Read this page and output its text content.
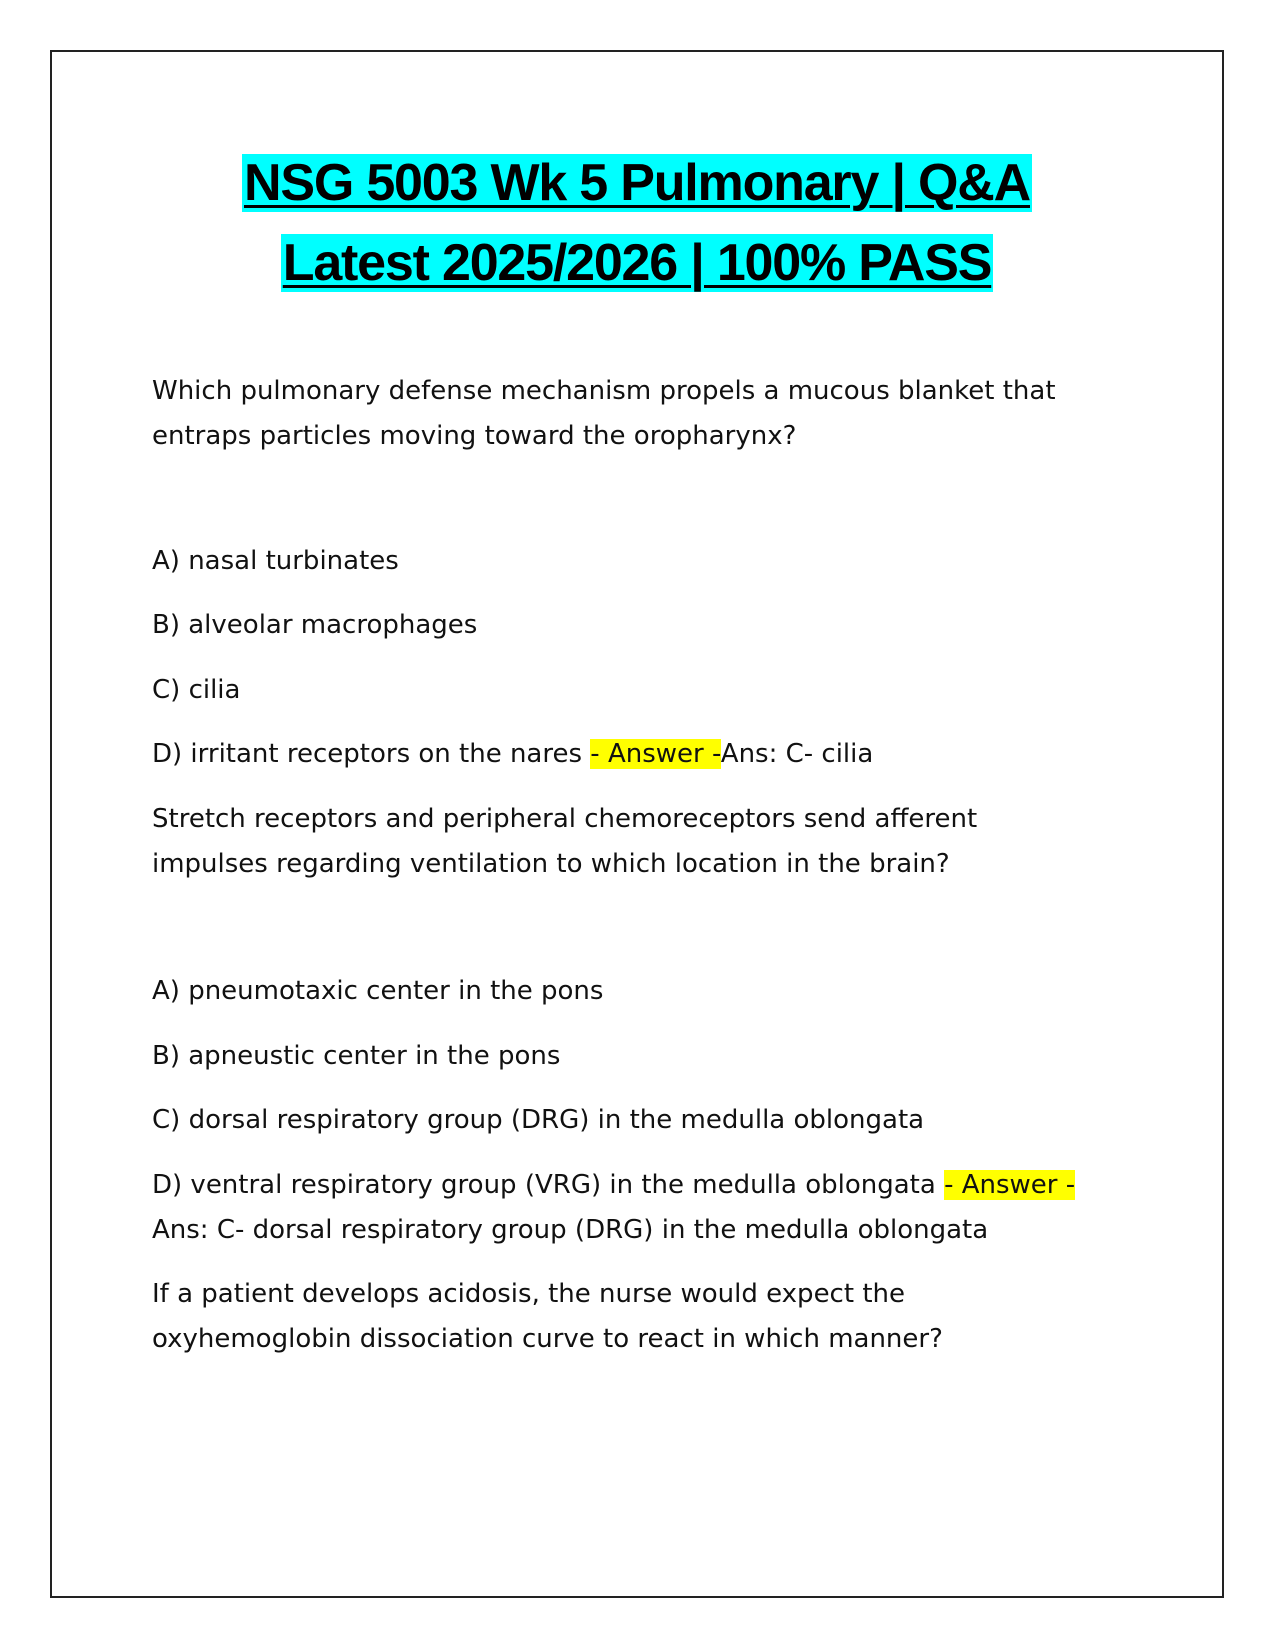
NSG 5003 Wk 5 Pulmonary | Q&A
Latest 2025/2026 | 100% PASS
Which pulmonary defense mechanism propels a mucous blanket that
entraps particles moving toward the oropharynx?
A) nasal turbinates
B) alveolar macrophages
C) cilia
D) irritant receptors on the nares - Answer -Ans: C- cilia
Stretch receptors and peripheral chemoreceptors send afferent
impulses regarding ventilation to which location in the brain?
A) pneumotaxic center in the pons
B) apneustic center in the pons
C) dorsal respiratory group (DRG) in the medulla oblongata
D) ventral respiratory group (VRG) in the medulla oblongata - Answer -
Ans: C- dorsal respiratory group (DRG) in the medulla oblongata
If a patient develops acidosis, the nurse would expect the
oxyhemoglobin dissociation curve to react in which manner?
